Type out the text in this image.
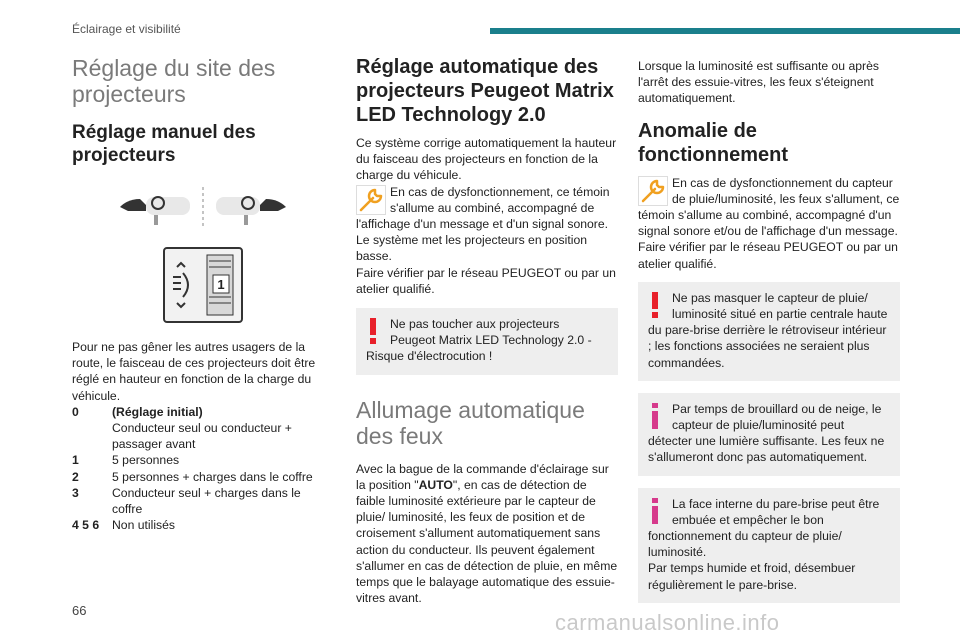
Éclairage et visibilité
Réglage du site des projecteurs
Réglage manuel des projecteurs
1

Pour ne pas gêner les autres usagers de la route, le faisceau de ces projecteurs doit être réglé en hauteur en fonction de la charge du véhicule.

0	(Réglage initial)
Conducteur seul ou conducteur + passager avant
1	5 personnes
2	5 personnes + charges dans le coffre
3	Conducteur seul + charges dans le coffre
4 5 6	Non utilisés
Réglage automatique des projecteurs Peugeot Matrix LED Technology 2.0

Ce système corrige automatiquement la hauteur du faisceau des projecteurs en fonction de la charge du véhicule.

En cas de dysfonctionnement, ce témoin s'allume au combiné, accompagné de l'affichage d'un message et d'un signal sonore.

Le système met les projecteurs en position basse.

Faire vérifier par le réseau PEUGEOT ou par un atelier qualifié.

Ne pas toucher aux projecteurs Peugeot Matrix LED Technology 2.0 - Risque d'électrocution !
Allumage automatique des feux

Avec la bague de la commande d'éclairage sur la position "AUTO", en cas de détection de faible luminosité extérieure par le capteur de pluie/ luminosité, les feux de position et de croisement s'allument automatiquement sans action du conducteur. Ils peuvent également s'allumer en cas de détection de pluie, en même temps que le balayage automatique des essuie-vitres avant.

Lorsque la luminosité est suffisante ou après l'arrêt des essuie-vitres, les feux s'éteignent automatiquement.

Anomalie de fonctionnement
En cas de dysfonctionnement du capteur de pluie/luminosité, les feux s'allument, ce témoin s'allume au combiné, accompagné d'un signal sonore et/ou de l'affichage d'un message.

Faire vérifier par le réseau PEUGEOT ou par un atelier qualifié.

Ne pas masquer le capteur de pluie/ luminosité situé en partie centrale haute du pare-brise derrière le rétroviseur intérieur ; les fonctions associées ne seraient plus commandées.
Par temps de brouillard ou de neige, le capteur de pluie/luminosité peut détecter une lumière suffisante. Les feux ne s'allumeront donc pas automatiquement.
La face interne du pare-brise peut être embuée et empêcher le bon fonctionnement du capteur de pluie/ luminosité.
Par temps humide et froid, désembuer régulièrement le pare-brise.
66	carmanualsonline.info
